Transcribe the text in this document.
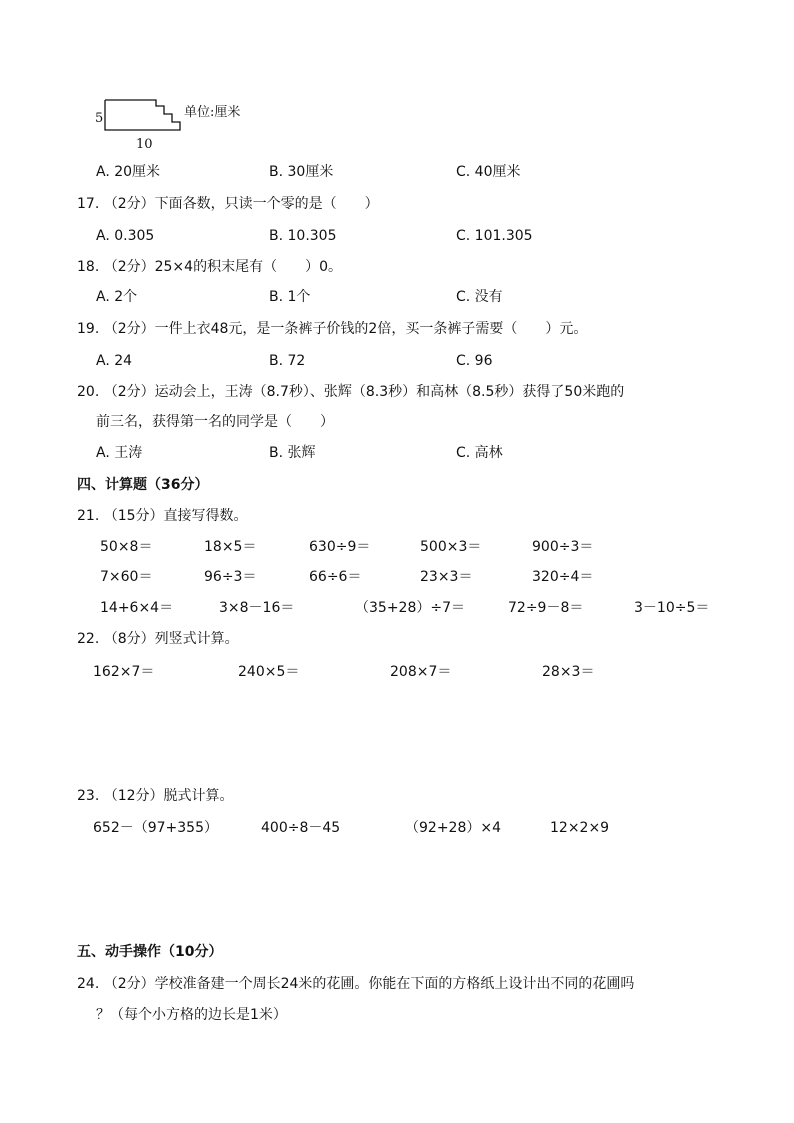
5
10
单位:厘米
A. 20厘米	B. 30厘米	C. 40厘米
17. （2分）下面各数，只读一个零的是（　　）
A. 0.305	B. 10.305	C. 101.305
18. （2分）25×4的积末尾有（　　）0。
A. 2个	B. 1个	C. 没有
19. （2分）一件上衣48元，是一条裤子价钱的2倍，买一条裤子需要（　　）元。
A. 24	B. 72	C. 96
20. （2分）运动会上，王涛（8.7秒）、张辉（8.3秒）和高林（8.5秒）获得了50米跑的
前三名，获得第一名的同学是（　　）
A. 王涛	B. 张辉	C. 高林
四、计算题（36分）
21. （15分）直接写得数。
50×8＝	18×5＝	630÷9＝	500×3＝	900÷3＝
7×60＝	96÷3＝	66÷6＝	23×3＝	320÷4＝
14+6×4＝	3×8－16＝	（35+28）÷7＝	72÷9－8＝	3－10÷5＝
22. （8分）列竖式计算。
162×7＝	240×5＝	208×7＝	28×3＝
23. （12分）脱式计算。
652－（97+355）	400÷8－45	（92+28）×4	12×2×9
五、动手操作（10分）
24. （2分）学校准备建一个周长24米的花圃。你能在下面的方格纸上设计出不同的花圃吗
？（每个小方格的边长是1米）
